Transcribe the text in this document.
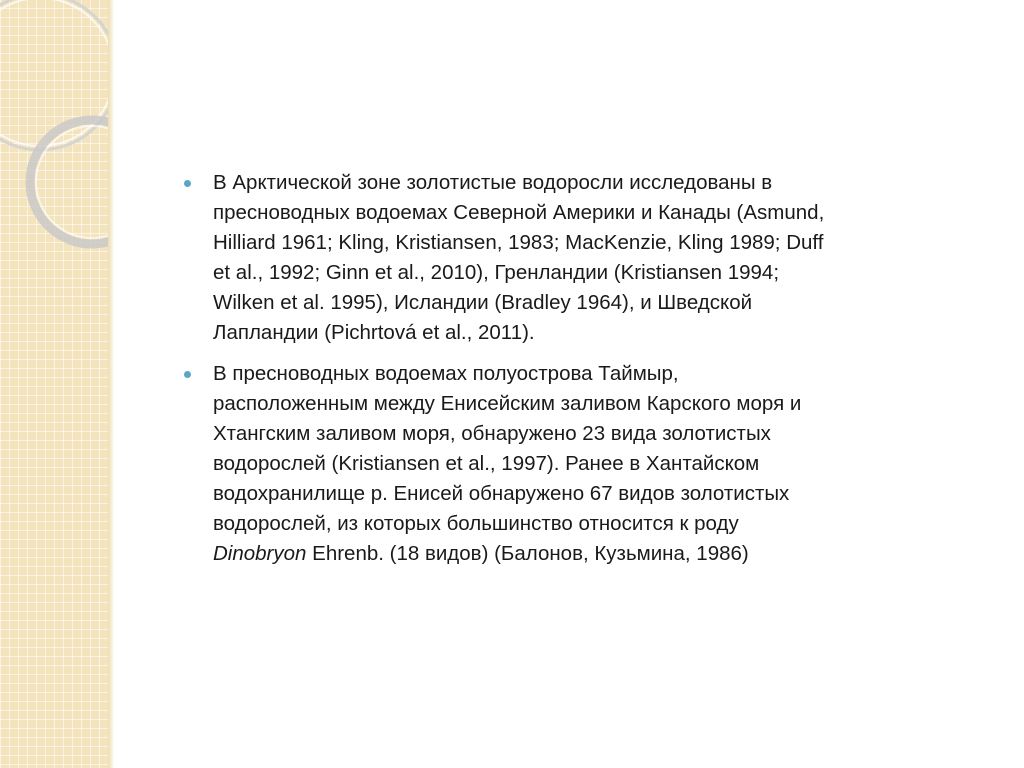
В Арктической зоне золотистые водоросли исследованы в
пресноводных водоемах Северной Америки и Канады (Asmund,
Hilliard 1961; Kling, Kristiansen, 1983; MacKenzie, Kling 1989; Duff
et al., 1992; Ginn et al., 2010), Гренландии (Kristiansen 1994;
Wilken et al. 1995), Исландии (Bradley 1964), и Шведской
Лапландии (Pichrtová et al., 2011).
В пресноводных водоемах полуострова Таймыр,
расположенным между Енисейским заливом Карского моря и
Хтангским заливом моря, обнаружено 23 вида золотистых
водорослей (Kristiansen et al., 1997). Ранее в Хантайском
водохранилище р. Енисей обнаружено 67 видов золотистых
водорослей, из которых большинство относится к роду
Dinobryon Ehrenb. (18 видов) (Балонов, Кузьмина, 1986)
